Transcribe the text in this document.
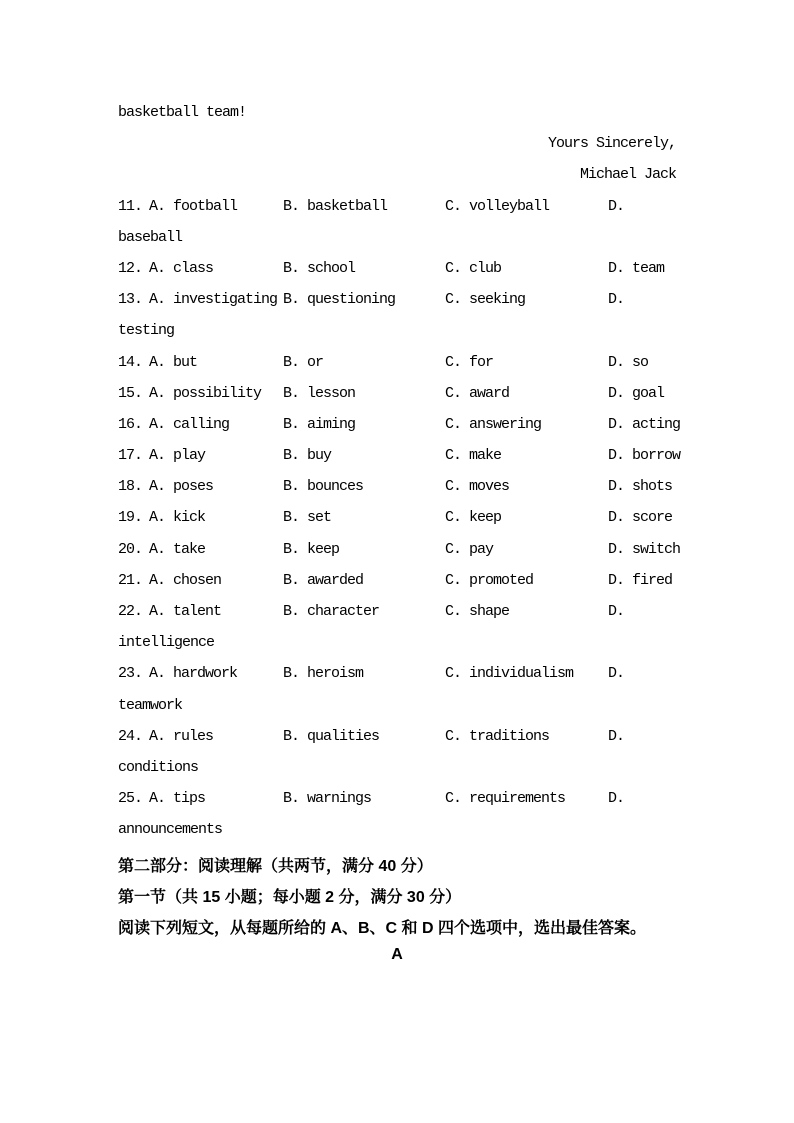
basketball team!
Yours Sincerely,
Michael Jack
11. A. football	B. basketball	C. volleyball	D.
baseball
12. A. class	B. school	C. club	D. team
13. A. investigating B. questioning	C. seeking	D.
testing
14. A. but	B. or	C. for	D. so
15. A. possibility	B. lesson	C. award	D. goal
16. A. calling	B. aiming	C. answering	D. acting
17. A. play	B. buy	C. make	D. borrow
18. A. poses	B. bounces	C. moves	D. shots
19. A. kick	B. set	C. keep	D. score
20. A. take	B. keep	C. pay	D. switch
21. A. chosen	B. awarded	C. promoted	D. fired
22. A. talent	B. character	C. shape	D.
intelligence
23. A. hardwork	B. heroism	C. individualism	D.
teamwork
24. A. rules	B. qualities	C. traditions	D.
conditions
25. A. tips	B. warnings	C. requirements	D.
announcements
第二部分：阅读理解（共两节，满分 40 分）
第一节（共 15 小题；每小题 2 分，满分 30 分）
阅读下列短文，从每题所给的 A、B、C 和 D 四个选项中，选出最佳答案。
A
